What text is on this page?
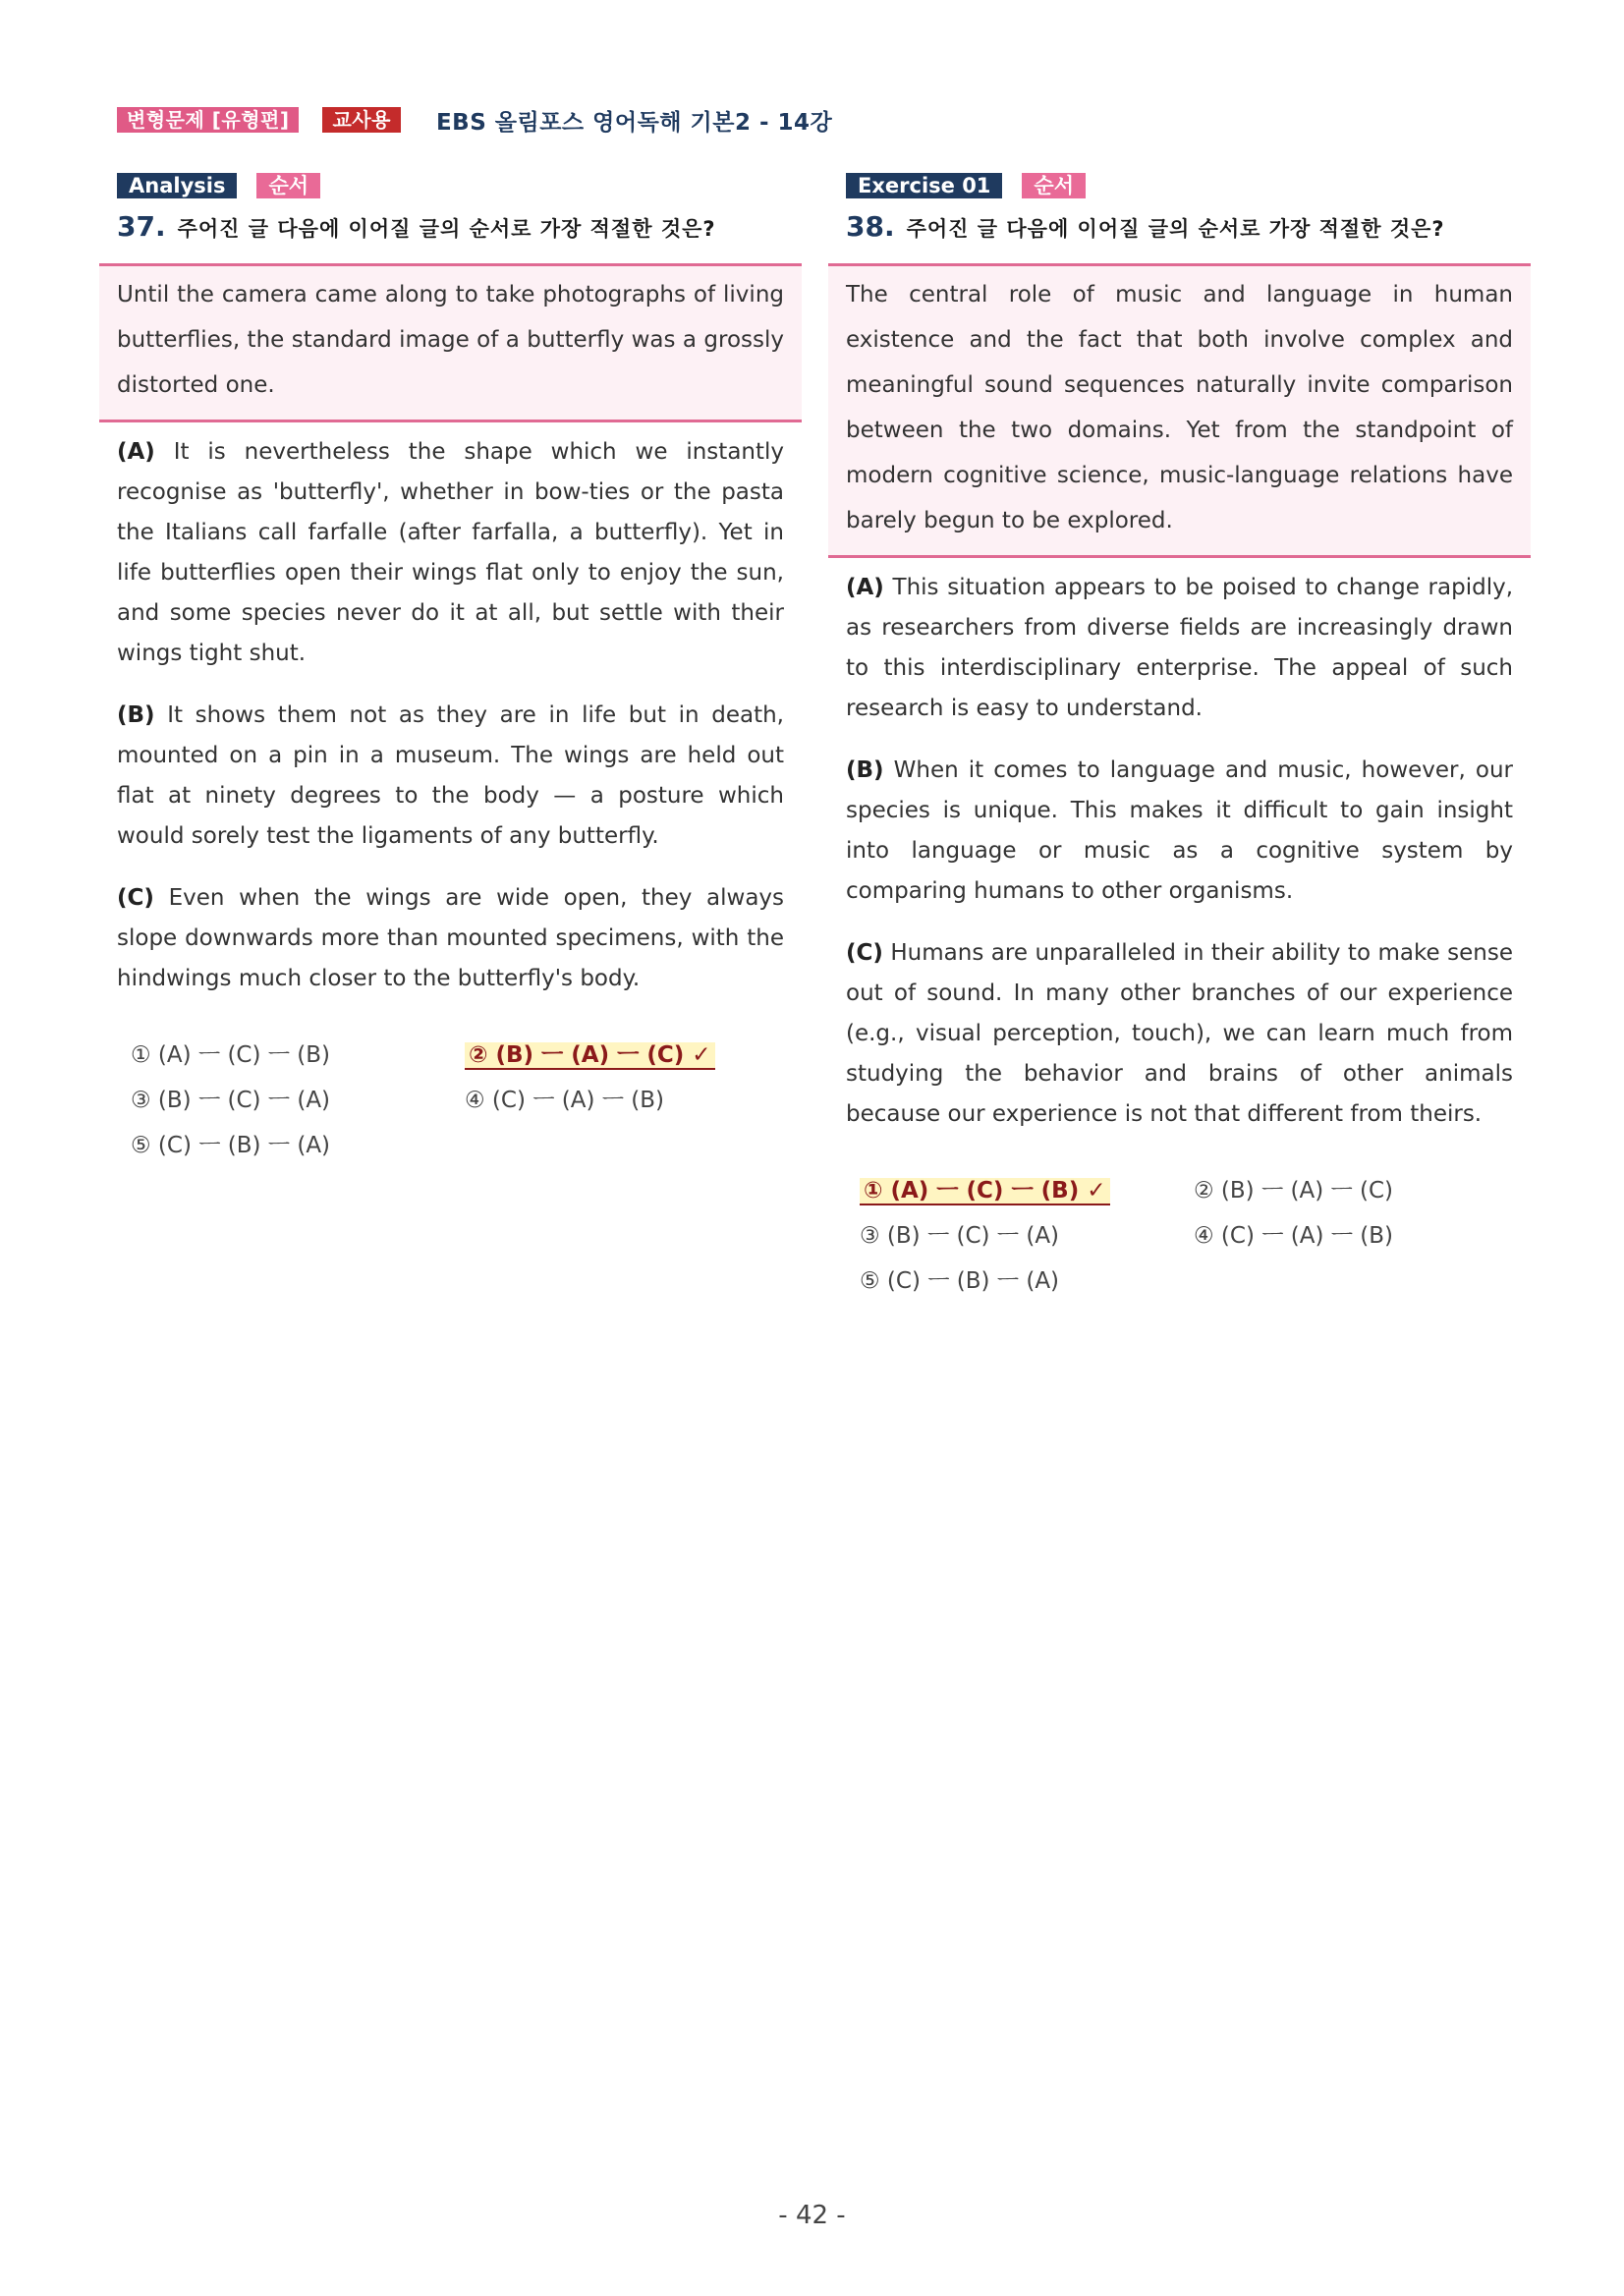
변형문제 [유형편]	교사용	EBS 올림포스 영어독해 기본2 - 14강
Analysis	순서
37. 주어진 글 다음에 이어질 글의 순서로 가장 적절한 것은?
Until the camera came along to take photographs of living butterflies, the standard image of a butterfly was a grossly distorted one.

(A) It is nevertheless the shape which we instantly recognise as 'butterfly', whether in bow-ties or the pasta the Italians call farfalle (after farfalla, a butterfly). Yet in life butterflies open their wings flat only to enjoy the sun, and some species never do it at all, but settle with their wings tight shut.

(B) It shows them not as they are in life but in death, mounted on a pin in a museum. The wings are held out flat at ninety degrees to the body — a posture which would sorely test the ligaments of any butterfly.

(C) Even when the wings are wide open, they always slope downwards more than mounted specimens, with the hindwings much closer to the butterfly's body.

① (A) ㅡ (C) ㅡ (B)	② (B) ㅡ (A) ㅡ (C) ✓
③ (B) ㅡ (C) ㅡ (A)	④ (C) ㅡ (A) ㅡ (B)
⑤ (C) ㅡ (B) ㅡ (A)
Exercise 01	순서
38. 주어진 글 다음에 이어질 글의 순서로 가장 적절한 것은?
The central role of music and language in human existence and the fact that both involve complex and meaningful sound sequences naturally invite comparison between the two domains. Yet from the standpoint of modern cognitive science, music-language relations have barely begun to be explored.

(A) This situation appears to be poised to change rapidly, as researchers from diverse fields are increasingly drawn to this interdisciplinary enterprise. The appeal of such research is easy to understand.

(B) When it comes to language and music, however, our species is unique. This makes it difficult to gain insight into language or music as a cognitive system by comparing humans to other organisms.

(C) Humans are unparalleled in their ability to make sense out of sound. In many other branches of our experience (e.g., visual perception, touch), we can learn much from studying the behavior and brains of other animals because our experience is not that different from theirs.

① (A) ㅡ (C) ㅡ (B) ✓	② (B) ㅡ (A) ㅡ (C)
③ (B) ㅡ (C) ㅡ (A)	④ (C) ㅡ (A) ㅡ (B)
⑤ (C) ㅡ (B) ㅡ (A)
- 42 -
